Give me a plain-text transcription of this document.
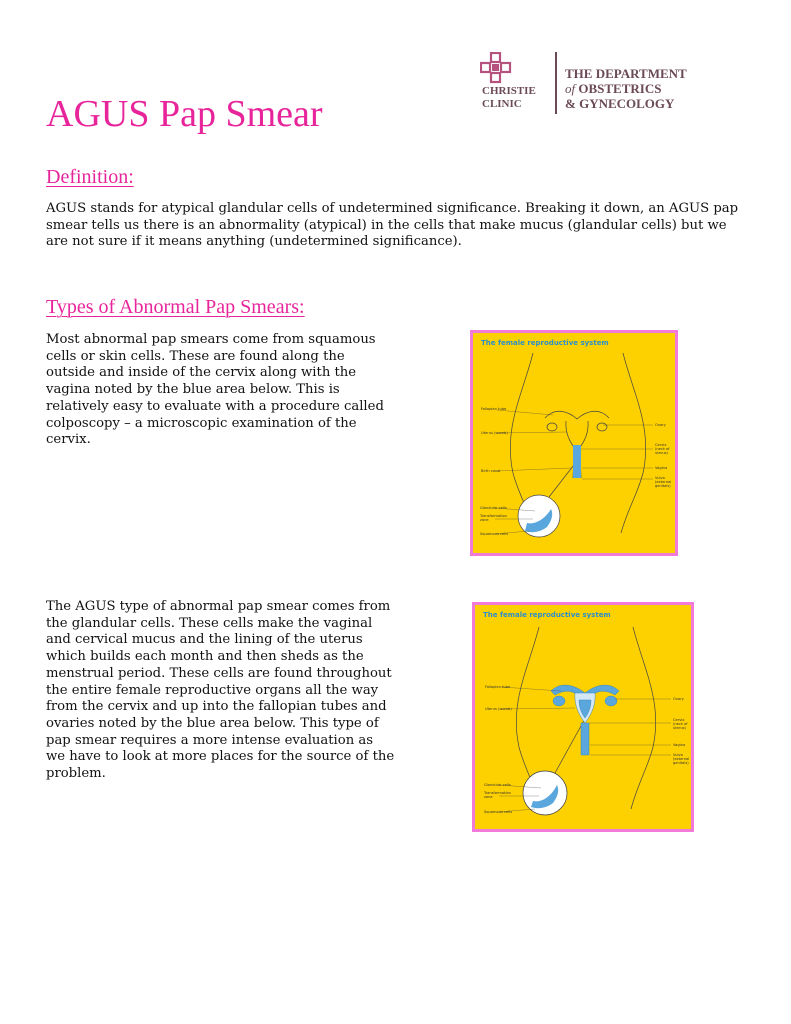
AGUS Pap Smear
CHRISTIE
CLINIC
THE DEPARTMENT
of OBSTETRICS
& GYNECOLOGY
Definition:
AGUS stands for atypical glandular cells of undetermined significance. Breaking it down, an AGUS pap smear tells us there is an abnormality (atypical) in the cells that make mucus (glandular cells) but we are not sure if it means anything (undetermined significance).
Types of Abnormal Pap Smears:
Most abnormal pap smears come from squamous cells or skin cells. These are found along the outside and inside of the cervix along with the vagina noted by the blue area below. This is relatively easy to evaluate with a procedure called colposcopy – a microscopic examination of the cervix.
The AGUS type of abnormal pap smear comes from the glandular cells. These cells make the vaginal and cervical mucus and the lining of the uterus which builds each month and then sheds as the menstrual period. These cells are found throughout the entire female reproductive organs all the way from the cervix and up into the fallopian tubes and ovaries noted by the blue area below. This type of pap smear requires a more intense evaluation as we have to look at more places for the source of the problem.
The female reproductive system
Fallopian tube
Uterus (womb)
Birth canal
Ovary
Cervix
(neck of
uterus)
Vagina
Vulva
(external
genitals)
Glandular cells
Transformation
zone
Squamous cells
The female reproductive system
Fallopian tube
Uterus (womb)
Ovary
Cervix
(neck of
uterus)
Vagina
Vulva
(external
genitals)
Glandular cells
Transformation
zone
Squamous cells
